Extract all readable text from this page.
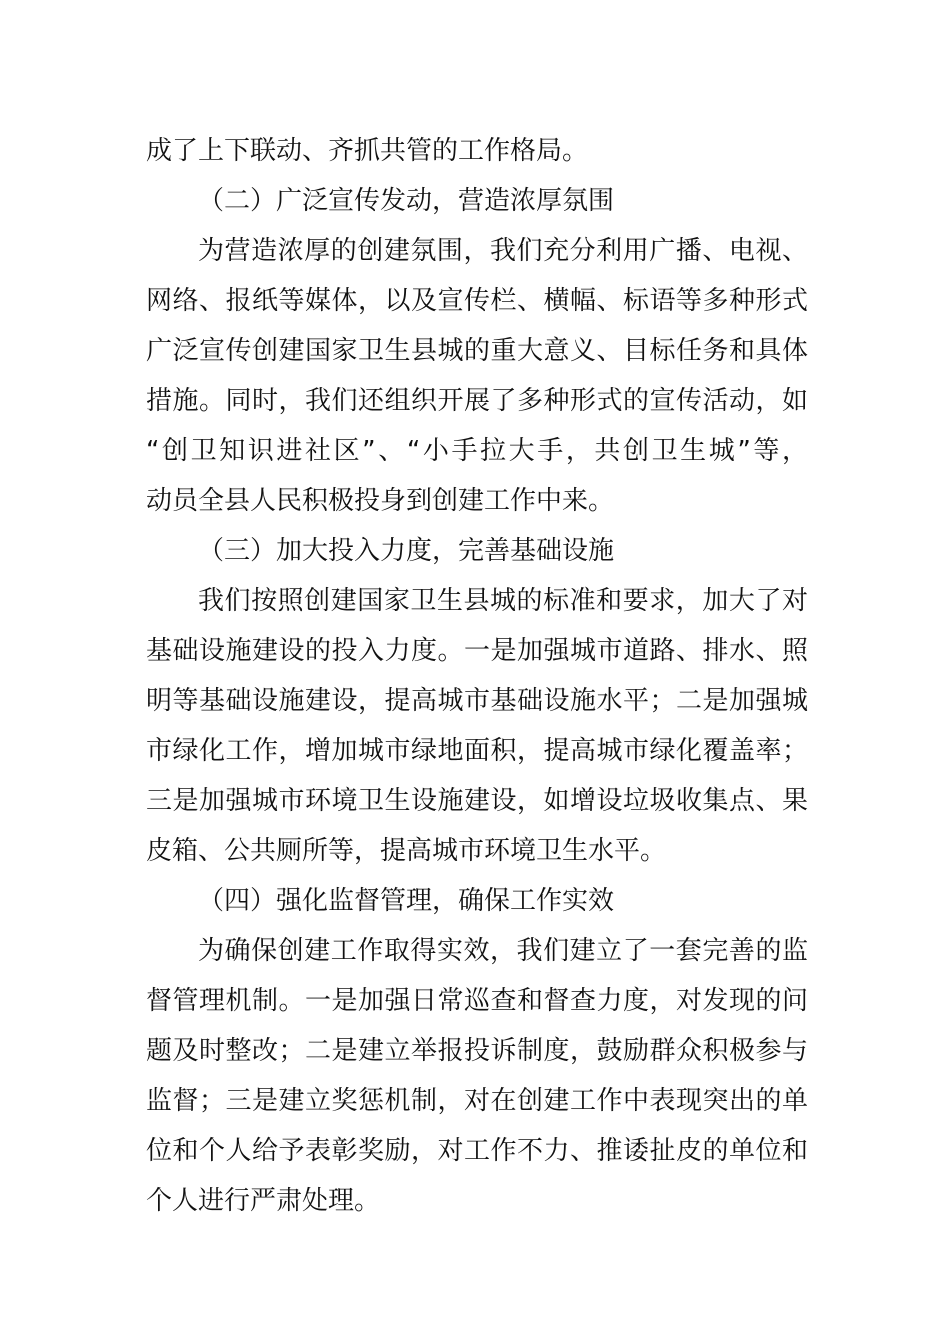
成了上下联动、齐抓共管的工作格局。
（二）广泛宣传发动，营造浓厚氛围
为营造浓厚的创建氛围，我们充分利用广播、电视、
网络、报纸等媒体，以及宣传栏、横幅、标语等多种形式
广泛宣传创建国家卫生县城的重大意义、目标任务和具体
措施。同时，我们还组织开展了多种形式的宣传活动，如
“创卫知识进社区”、“小手拉大手，共创卫生城”等，
动员全县人民积极投身到创建工作中来。
（三）加大投入力度，完善基础设施
我们按照创建国家卫生县城的标准和要求，加大了对
基础设施建设的投入力度。一是加强城市道路、排水、照
明等基础设施建设，提高城市基础设施水平；二是加强城
市绿化工作，增加城市绿地面积，提高城市绿化覆盖率；
三是加强城市环境卫生设施建设，如增设垃圾收集点、果
皮箱、公共厕所等，提高城市环境卫生水平。
（四）强化监督管理，确保工作实效
为确保创建工作取得实效，我们建立了一套完善的监
督管理机制。一是加强日常巡查和督查力度，对发现的问
题及时整改；二是建立举报投诉制度，鼓励群众积极参与
监督；三是建立奖惩机制，对在创建工作中表现突出的单
位和个人给予表彰奖励，对工作不力、推诿扯皮的单位和
个人进行严肃处理。
